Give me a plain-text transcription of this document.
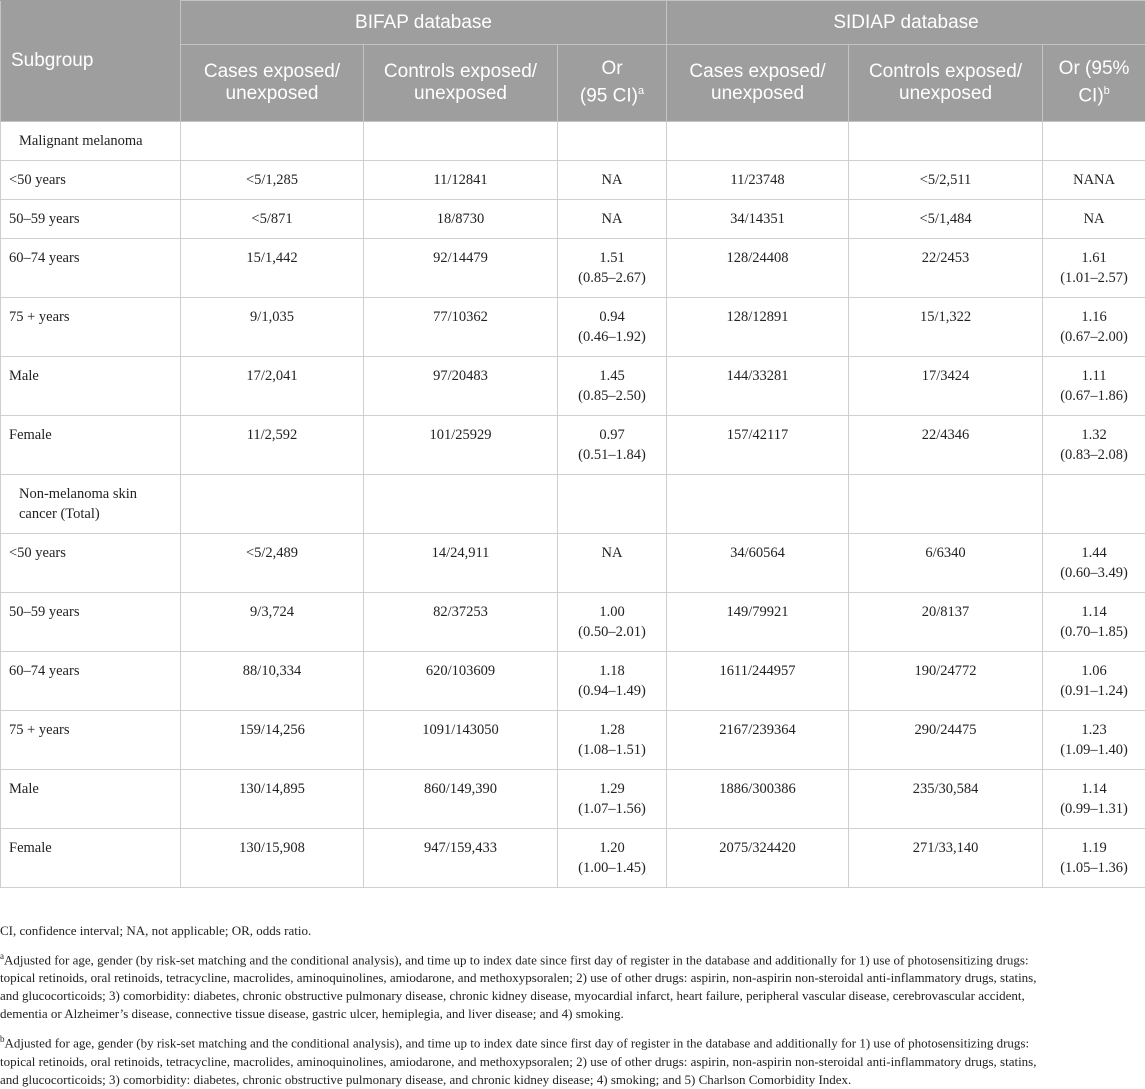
Subgroup	BIFAP database			SIDIAP database		
	Cases exposed/
unexposed	Controls exposed/
unexposed	Or
(95 CI)$^a$	Cases exposed/
unexposed	Controls exposed/
unexposed	Or (95%
CI)$^b$
Malignant melanoma						
<50 years	<5/1,285	11/12841	NA	11/23748	<5/2,511	NANA
50–59 years	<5/871	18/8730	NA	34/14351	<5/1,484	NA
60–74 years	15/1,442	92/14479	1.51
(0.85–2.67)	128/24408	22/2453	1.61
(1.01–2.57)
75 + years	9/1,035	77/10362	0.94
(0.46–1.92)	128/12891	15/1,322	1.16
(0.67–2.00)
Male	17/2,041	97/20483	1.45
(0.85–2.50)	144/33281	17/3424	1.11
(0.67–1.86)
Female	11/2,592	101/25929	0.97
(0.51–1.84)	157/42117	22/4346	1.32
(0.83–2.08)
Non-melanoma skin
cancer (Total)						
<50 years	<5/2,489	14/24,911	NA	34/60564	6/6340	1.44
(0.60–3.49)
50–59 years	9/3,724	82/37253	1.00
(0.50–2.01)	149/79921	20/8137	1.14
(0.70–1.85)
60–74 years	88/10,334	620/103609	1.18
(0.94–1.49)	1611/244957	190/24772	1.06
(0.91–1.24)
75 + years	159/14,256	1091/143050	1.28
(1.08–1.51)	2167/239364	290/24475	1.23
(1.09–1.40)
Male	130/14,895	860/149,390	1.29
(1.07–1.56)	1886/300386	235/30,584	1.14
(0.99–1.31)
Female	130/15,908	947/159,433	1.20
(1.00–1.45)	2075/324420	271/33,140	1.19
(1.05–1.36)

CI, confidence interval; NA, not applicable; OR, odds ratio.

$^a$Adjusted for age, gender (by risk-set matching and the conditional analysis), and time up to index date since first day of register in the database and additionally for 1) use of photosensitizing drugs:
topical retinoids, oral retinoids, tetracycline, macrolides, aminoquinolines, amiodarone, and methoxypsoralen; 2) use of other drugs: aspirin, non-aspirin non-steroidal anti-inflammatory drugs, statins,
and glucocorticoids; 3) comorbidity: diabetes, chronic obstructive pulmonary disease, chronic kidney disease, myocardial infarct, heart failure, peripheral vascular disease, cerebrovascular accident,
dementia or Alzheimer’s disease, connective tissue disease, gastric ulcer, hemiplegia, and liver disease; and 4) smoking.

$^b$Adjusted for age, gender (by risk-set matching and the conditional analysis), and time up to index date since first day of register in the database and additionally for 1) use of photosensitizing drugs:
topical retinoids, oral retinoids, tetracycline, macrolides, aminoquinolines, amiodarone, and methoxypsoralen; 2) use of other drugs: aspirin, non-aspirin non-steroidal anti-inflammatory drugs, statins,
and glucocorticoids; 3) comorbidity: diabetes, chronic obstructive pulmonary disease, and chronic kidney disease; 4) smoking; and 5) Charlson Comorbidity Index.
